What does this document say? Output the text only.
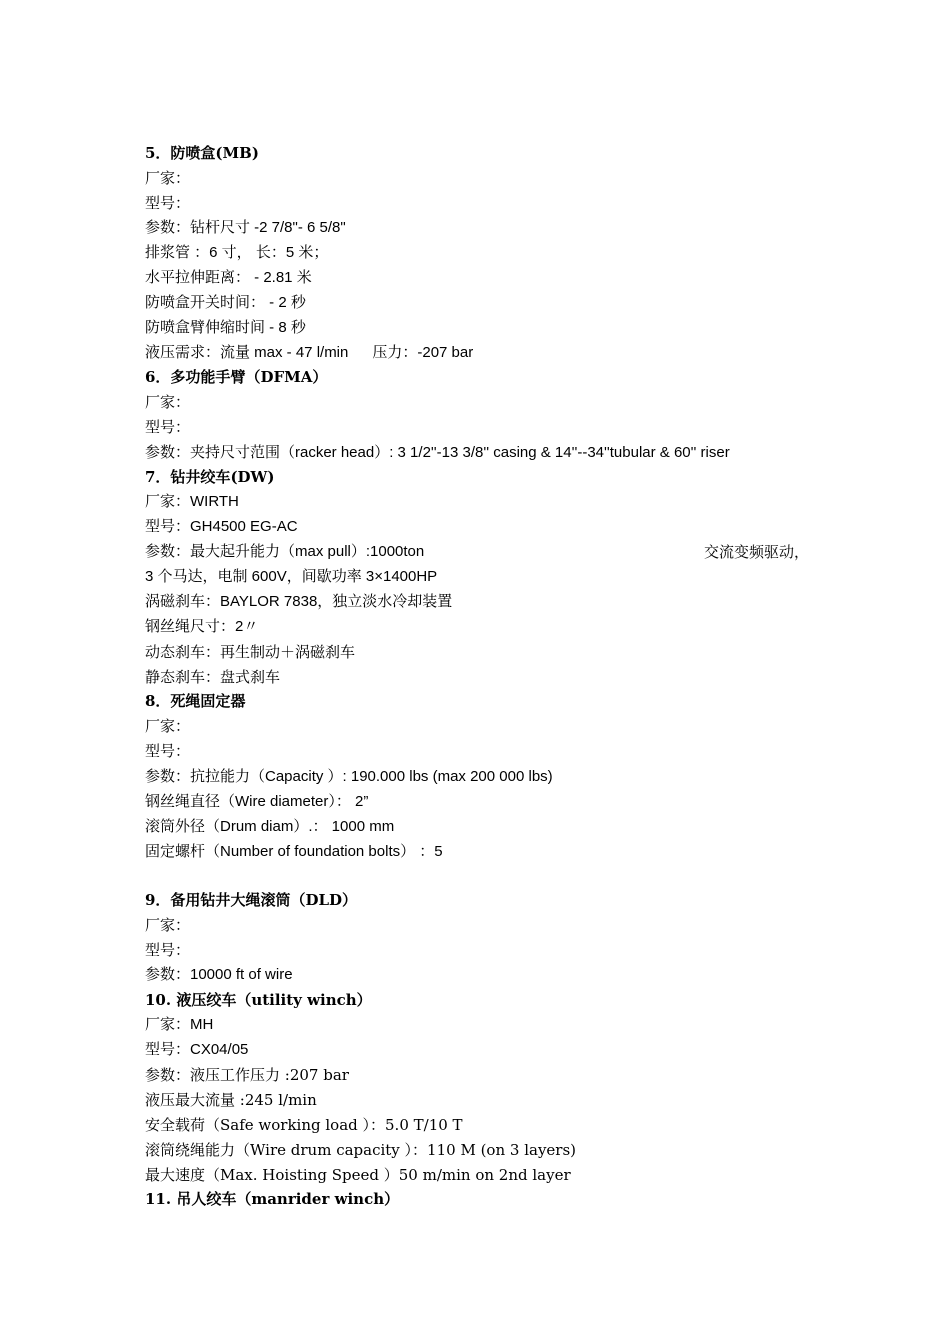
5．防喷盒(MB)
厂家：
型号：
参数：钻杆尺寸 -2 7/8"- 6 5/8"
排浆管 ：6 寸， 长：5 米；
水平拉伸距离： - 2.81 米
防喷盒开关时间： - 2 秒
防喷盒臂伸缩时间 - 8 秒
液压需求：流量 max - 47 l/min 压力：-207 bar
6．多功能手臂（DFMA）
厂家：
型号：
参数：夹持尺寸范围（racker head）: 3 1/2''-13 3/8'' casing & 14''--34''tubular & 60'' riser
7．钻井绞车(DW)
厂家：WIRTH
型号：GH4500 EG-AC
参数：最大起升能力（max pull）:1000ton	交流变频驱动，
3 个马达，电制 600V，间歇功率 3×1400HP
涡磁刹车：BAYLOR 7838，独立淡水冷却装置
钢丝绳尺寸：2〃
动态刹车：再生制动＋涡磁刹车
静态刹车：盘式刹车
8．死绳固定器
厂家：
型号：
参数：抗拉能力（Capacity ）: 190.000 lbs (max 200 000 lbs)
钢丝绳直径（Wire diameter）： 2”
滚筒外径（Drum diam）.： 1000 mm
固定螺杆（Number of foundation bolts） ：5
9．备用钻井大绳滚筒（DLD）
厂家：
型号：
参数：10000 ft of wire
10. 液压绞车（utility winch）
厂家：MH
型号：CX04/05
参数：液压工作压力 :207 bar
液压最大流量 :245 l/min
安全载荷（Safe working load ）：5.0 T/10 T
滚筒绕绳能力（Wire drum capacity ）：110 M (on 3 layers)
最大速度（Max. Hoisting Speed ）50 m/min on 2nd layer
11. 吊人绞车（manrider winch）
